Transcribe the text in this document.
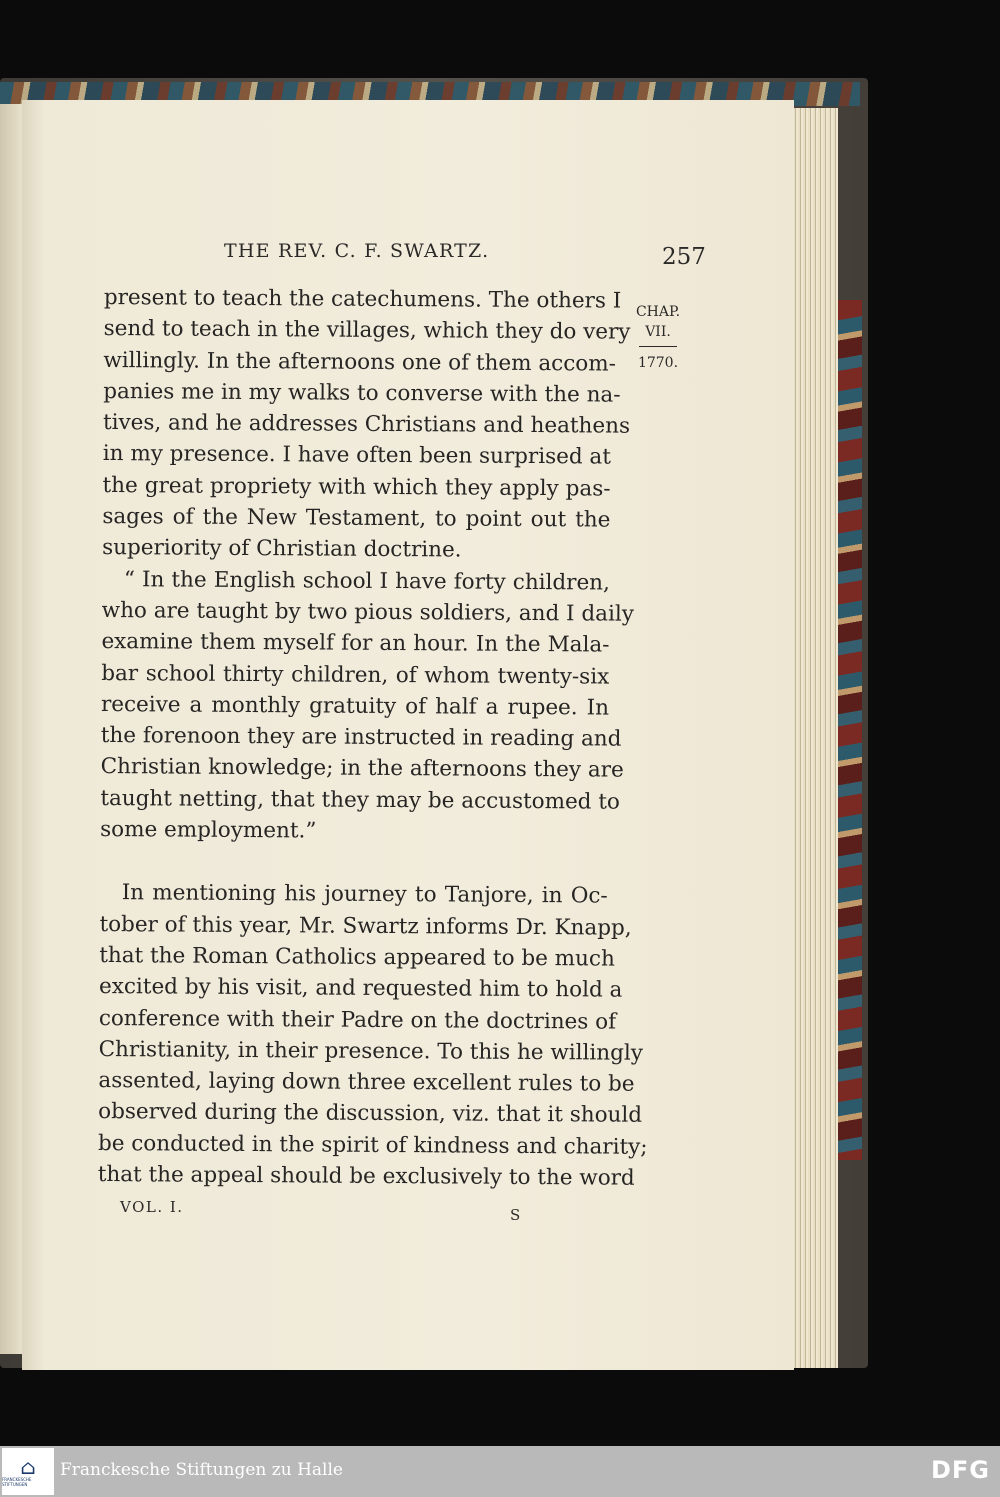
THE REV. C. F. SWARTZ.	257
CHAP.
VII.
1770.
present to teach the catechumens. The others I
send to teach in the villages, which they do very
willingly. In the afternoons one of them accom-
panies me in my walks to converse with the na-
tives, and he addresses Christians and heathens
in my presence. I have often been surprised at
the great propriety with which they apply pas-
sages of the New Testament, to point out the
superiority of Christian doctrine.
“ In the English school I have forty children,
who are taught by two pious soldiers, and I daily
examine them myself for an hour. In the Mala-
bar school thirty children, of whom twenty-six
receive a monthly gratuity of half a rupee. In
the forenoon they are instructed in reading and
Christian knowledge; in the afternoons they are
taught netting, that they may be accustomed to
some employment.”
In mentioning his journey to Tanjore, in Oc-
tober of this year, Mr. Swartz informs Dr. Knapp,
that the Roman Catholics appeared to be much
excited by his visit, and requested him to hold a
conference with their Padre on the doctrines of
Christianity, in their presence. To this he willingly
assented, laying down three excellent rules to be
observed during the discussion, viz. that it should
be conducted in the spirit of kindness and charity;
that the appeal should be exclusively to the word
VOL. I.	S
⌂
FRANCKESCHE STIFTUNGEN
Franckesche Stiftungen zu Halle	DFG
